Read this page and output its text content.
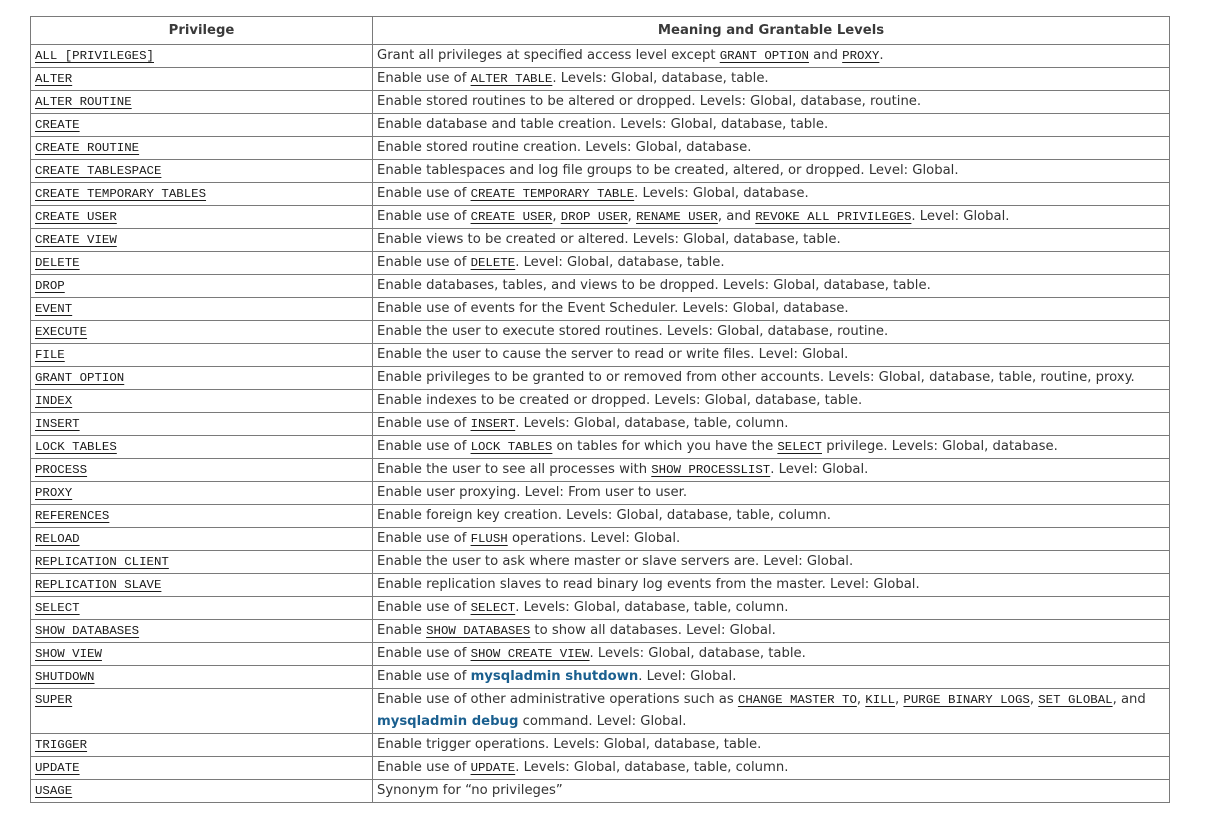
Privilege	Meaning and Grantable Levels
ALL [PRIVILEGES]	Grant all privileges at specified access level except GRANT OPTION and PROXY.
ALTER	Enable use of ALTER TABLE. Levels: Global, database, table.
ALTER ROUTINE	Enable stored routines to be altered or dropped. Levels: Global, database, routine.
CREATE	Enable database and table creation. Levels: Global, database, table.
CREATE ROUTINE	Enable stored routine creation. Levels: Global, database.
CREATE TABLESPACE	Enable tablespaces and log file groups to be created, altered, or dropped. Level: Global.
CREATE TEMPORARY TABLES	Enable use of CREATE TEMPORARY TABLE. Levels: Global, database.
CREATE USER	Enable use of CREATE USER, DROP USER, RENAME USER, and REVOKE ALL PRIVILEGES. Level: Global.
CREATE VIEW	Enable views to be created or altered. Levels: Global, database, table.
DELETE	Enable use of DELETE. Level: Global, database, table.
DROP	Enable databases, tables, and views to be dropped. Levels: Global, database, table.
EVENT	Enable use of events for the Event Scheduler. Levels: Global, database.
EXECUTE	Enable the user to execute stored routines. Levels: Global, database, routine.
FILE	Enable the user to cause the server to read or write files. Level: Global.
GRANT OPTION	Enable privileges to be granted to or removed from other accounts. Levels: Global, database, table, routine, proxy.
INDEX	Enable indexes to be created or dropped. Levels: Global, database, table.
INSERT	Enable use of INSERT. Levels: Global, database, table, column.
LOCK TABLES	Enable use of LOCK TABLES on tables for which you have the SELECT privilege. Levels: Global, database.
PROCESS	Enable the user to see all processes with SHOW PROCESSLIST. Level: Global.
PROXY	Enable user proxying. Level: From user to user.
REFERENCES	Enable foreign key creation. Levels: Global, database, table, column.
RELOAD	Enable use of FLUSH operations. Level: Global.
REPLICATION CLIENT	Enable the user to ask where master or slave servers are. Level: Global.
REPLICATION SLAVE	Enable replication slaves to read binary log events from the master. Level: Global.
SELECT	Enable use of SELECT. Levels: Global, database, table, column.
SHOW DATABASES	Enable SHOW DATABASES to show all databases. Level: Global.
SHOW VIEW	Enable use of SHOW CREATE VIEW. Levels: Global, database, table.
SHUTDOWN	Enable use of mysqladmin shutdown. Level: Global.
SUPER	Enable use of other administrative operations such as CHANGE MASTER TO, KILL, PURGE BINARY LOGS, SET GLOBAL, and mysqladmin debug command. Level: Global.
TRIGGER	Enable trigger operations. Levels: Global, database, table.
UPDATE	Enable use of UPDATE. Levels: Global, database, table, column.
USAGE	Synonym for “no privileges”
